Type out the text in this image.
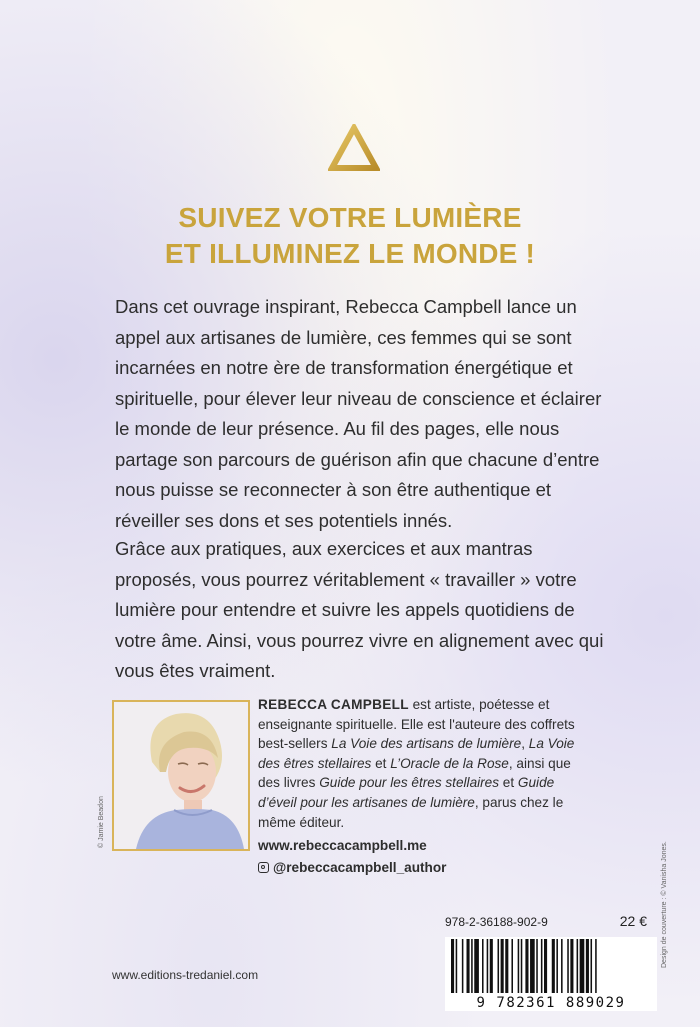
SUIVEZ VOTRE LUMIÈRE
ET ILLUMINEZ LE MONDE !

Dans cet ouvrage inspirant, Rebecca Campbell lance un appel aux artisanes de lumière, ces femmes qui se sont incarnées en notre ère de transformation énergétique et spirituelle, pour élever leur niveau de conscience et éclairer le monde de leur présence. Au fil des pages, elle nous partage son parcours de guérison afin que chacune d’entre nous puisse se reconnecter à son être authentique et réveiller ses dons et ses potentiels innés.

Grâce aux pratiques, aux exercices et aux mantras proposés, vous pourrez véritablement « travailler » votre lumière pour entendre et suivre les appels quotidiens de votre âme. Ainsi, vous pourrez vivre en alignement avec qui vous êtes vraiment.

© Jamie Beadon
REBECCA CAMPBELL est artiste, poétesse et enseignante spirituelle. Elle est l'auteure des coffrets best-sellers La Voie des artisans de lumière, La Voie des êtres stellaires et L’Oracle de la Rose, ainsi que des livres Guide pour les êtres stellaires et Guide d’éveil pour les artisanes de lumière, parus chez le même éditeur.
www.rebeccacampbell.me
@rebeccacampbell_author	Design de couverture : © Vanisha Jones.
978-2-36188-902-9	22 €
9 782361 889029
www.editions-tredaniel.com
